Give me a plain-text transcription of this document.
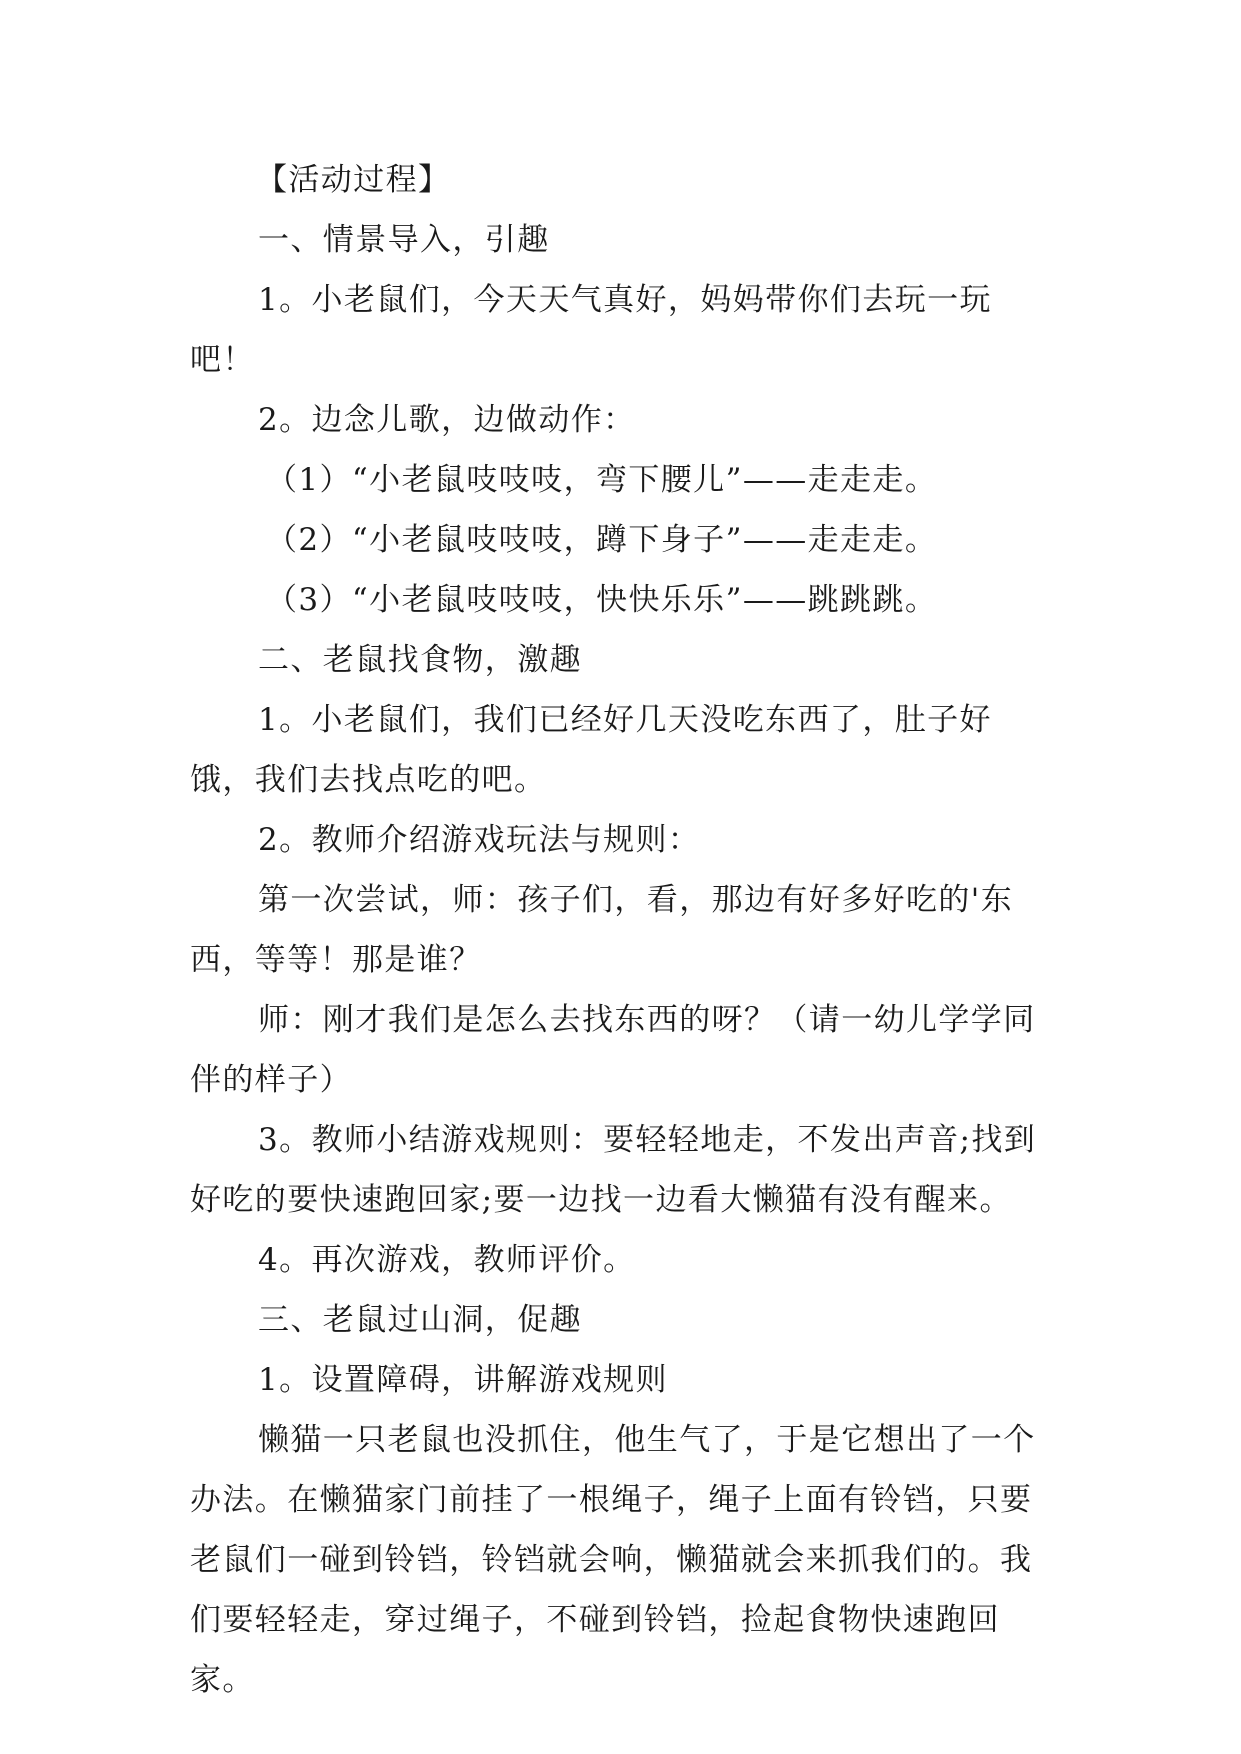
【活动过程】

一、情景导入，引趣

1。小老鼠们，今天天气真好，妈妈带你们去玩一玩吧！

2。边念儿歌，边做动作：

（1）“小老鼠吱吱吱，弯下腰儿”——走走走。

（2）“小老鼠吱吱吱，蹲下身子”——走走走。

（3）“小老鼠吱吱吱，快快乐乐”——跳跳跳。

二、老鼠找食物，激趣

1。小老鼠们，我们已经好几天没吃东西了，肚子好饿，我们去找点吃的吧。

2。教师介绍游戏玩法与规则：

第一次尝试，师：孩子们，看，那边有好多好吃的'东西，等等！那是谁？

师：刚才我们是怎么去找东西的呀？（请一幼儿学学同伴的样子）

3。教师小结游戏规则：要轻轻地走，不发出声音;找到好吃的要快速跑回家;要一边找一边看大懒猫有没有醒来。

4。再次游戏，教师评价。

三、老鼠过山洞，促趣

1。设置障碍，讲解游戏规则

懒猫一只老鼠也没抓住，他生气了，于是它想出了一个办法。在懒猫家门前挂了一根绳子，绳子上面有铃铛，只要老鼠们一碰到铃铛，铃铛就会响，懒猫就会来抓我们的。我们要轻轻走，穿过绳子，不碰到铃铛，捡起食物快速跑回家。
